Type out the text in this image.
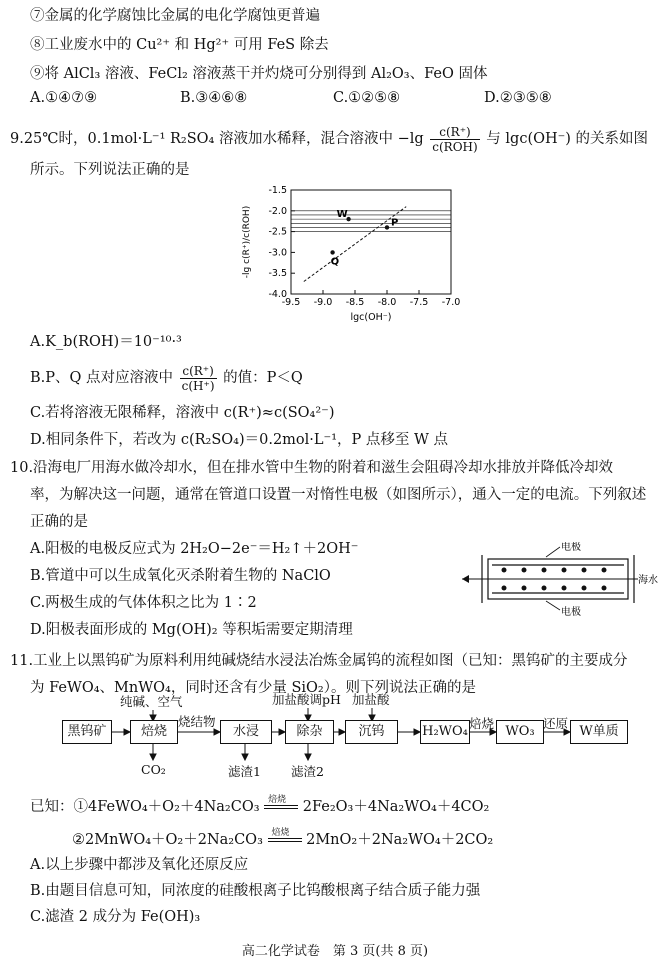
⑦金属的化学腐蚀比金属的电化学腐蚀更普遍
⑧工业废水中的 Cu²⁺ 和 Hg²⁺ 可用 FeS 除去
⑨将 AlCl₃ 溶液、FeCl₂ 溶液蒸干并灼烧可分别得到 Al₂O₃、FeO 固体
A.①④⑦⑨	B.③④⑥⑧	C.①②⑤⑧	D.②③⑤⑧
9.25℃时，0.1mol·L⁻¹ R₂SO₄ 溶液加水稀释，混合溶液中 $-\lg \frac{c(R^+)}{\text{c(ROH)}}$ 与 lgc(OH⁻) 的关系如图
所示。下列说法正确的是
-1.5
-2.0
-2.5
-3.0
-3.5
-4.0
-9.5 -9.0 -8.5 -8.0 -7.5 -7.0
lgc(OH⁻)
-lg c(R⁺)/c(ROH)	W
P
Q
A.K_b(ROH)＝10⁻¹⁰·³
B.P、Q 点对应溶液中 $\frac{c(R^+)}{c(H^+)}$ 的值：P＜Q
C.若将溶液无限稀释，溶液中 c(R⁺)≈c(SO₄²⁻)
D.相同条件下，若改为 c(R₂SO₄)＝0.2mol·L⁻¹，P 点移至 W 点
10.沿海电厂用海水做冷却水，但在排水管中生物的附着和滋生会阻碍冷却水排放并降低冷却效
率，为解决这一问题，通常在管道口设置一对惰性电极（如图所示），通入一定的电流。下列叙述
正确的是
A.阳极的电极反应式为 2H₂O−2e⁻＝H₂↑＋2OH⁻
B.管道中可以生成氧化灭杀附着生物的 NaClO
C.两极生成的气体体积之比为 1∶2
D.阳极表面形成的 Mg(OH)₂ 等积垢需要定期清理
电极
电极
海水
11.工业上以黑钨矿为原料利用纯碱烧结水浸法冶炼金属钨的流程如图（已知：黑钨矿的主要成分
为 FeWO₄、MnWO₄，同时还含有少量 SiO₂）。则下列说法正确的是
黑钨矿	焙烧	水浸	除杂	沉钨	H₂WO₄	WO₃	W单质
纯碱、空气	加盐酸调pH 加盐酸
烧结物	焙烧	还原
CO₂	滤渣1 滤渣2
已知：①4FeWO₄＋O₂＋4Na₂CO₃ 焙烧 2Fe₂O₃＋4Na₂WO₄＋4CO₂
②2MnWO₄＋O₂＋2Na₂CO₃ 焙烧 2MnO₂＋2Na₂WO₄＋2CO₂
A.以上步骤中都涉及氧化还原反应
B.由题目信息可知，同浓度的硅酸根离子比钨酸根离子结合质子能力强
C.滤渣 2 成分为 Fe(OH)₃
高二化学试卷　第 3 页(共 8 页)
